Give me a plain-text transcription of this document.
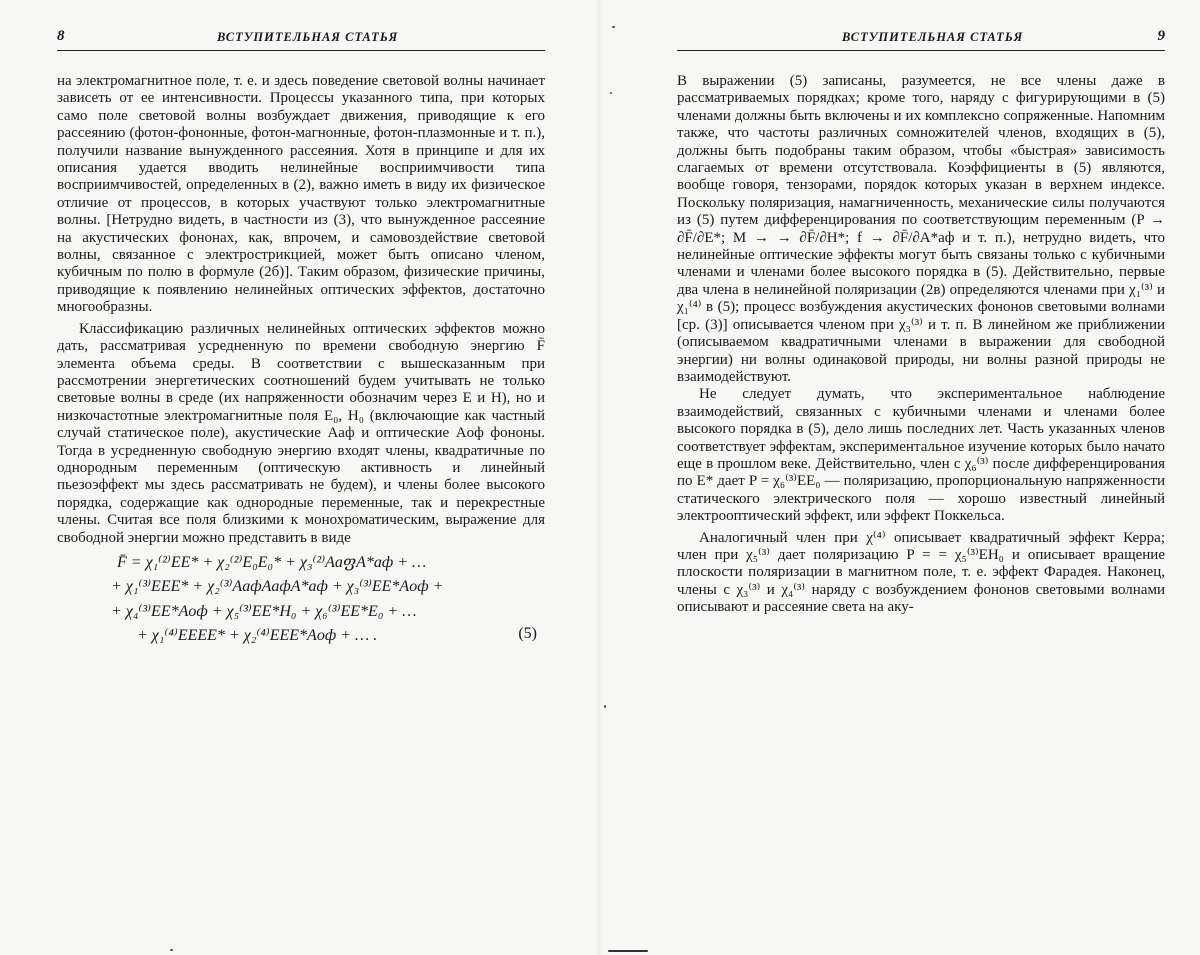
8	ВСТУПИТЕЛЬНАЯ СТАТЬЯ

на электромагнитное поле, т. е. и здесь поведение световой волны начинает зависеть от ее интенсивности. Процессы указанного типа, при которых само поле световой волны возбуждает движения, приводящие к его рассеянию (фотон-фононные, фотон-магнонные, фотон-плазмонные и т. п.), получили название вынужденного рассеяния. Хотя в принципе и для их описания удается вводить нелинейные восприимчивости типа восприимчивостей, определенных в (2), важно иметь в виду их физическое отличие от процессов, в которых участвуют только электромагнитные волны. [Нетрудно видеть, в частности из (3), что вынужденное рассеяние на акустических фононах, как, впрочем, и самовоздействие световой волны, связанное с электрострикцией, может быть описано членом, кубичным по полю в формуле (2б)]. Таким образом, физические причины, приводящие к появлению нелинейных оптических эффектов, достаточно многообразны.

Классификацию различных нелинейных оптических эффектов можно дать, рассматривая усредненную по времени свободную энергию F̄ элемента объема среды. В соответствии с вышесказанным при рассмотрении энергетических соотношений будем учитывать не только световые волны в среде (их напряженности обозначим через E и H), но и низкочастотные электромагнитные поля E₀, H₀ (включающие как частный случай статическое поле), акустические Aаф и оптические Aоф фононы. Тогда в усредненную свободную энергию входят члены, квадратичные по однородным переменным (оптическую активность и линейный пьезоэффект мы здесь рассматривать не будем), и члены более высокого порядка, содержащие как однородные переменные, так и перекрестные члены. Считая все поля близкими к монохроматическим, выражение для свободной энергии можно представить в виде

F̄ = χ₁⁽²⁾EE* + χ₂⁽²⁾E₀E₀* + χ₃⁽²⁾AаფA*аф + …
+ χ₁⁽³⁾EEE* + χ₂⁽³⁾AафAафA*аф + χ₃⁽³⁾EE*Aоф +
+ χ₄⁽³⁾EE*Aоф + χ₅⁽³⁾EE*H₀ + χ₆⁽³⁾EE*E₀ + …
+ χ₁⁽⁴⁾EEEE* + χ₂⁽⁴⁾EEE*Aоф + … .	(5)
ВСТУПИТЕЛЬНАЯ СТАТЬЯ	9

В выражении (5) записаны, разумеется, не все члены даже в рассматриваемых порядках; кроме того, наряду с фигурирующими в (5) членами должны быть включены и их комплексно сопряженные. Напомним также, что частоты различных сомножителей членов, входящих в (5), должны быть подобраны таким образом, чтобы «быстрая» зависимость слагаемых от времени отсутствовала. Коэффициенты в (5) являются, вообще говоря, тензорами, порядок которых указан в верхнем индексе. Поскольку поляризация, намагниченность, механические силы получаются из (5) путем дифференцирования по соответствующим переменным (P → ∂F̄/∂E*; M → → ∂F̄/∂H*; f → ∂F̄/∂A*аф и т. п.), нетрудно видеть, что нелинейные оптические эффекты могут быть связаны только с кубичными членами и членами более высокого порядка в (5). Действительно, первые два члена в нелинейной поляризации (2в) определяются членами при χ₁⁽³⁾ и χ₁⁽⁴⁾ в (5); процесс возбуждения акустических фононов световыми волнами [ср. (3)] описывается членом при χ₃⁽³⁾ и т. п. В линейном же приближении (описываемом квадратичными членами в выражении для свободной энергии) ни волны одинаковой природы, ни волны разной природы не взаимодействуют.

Не следует думать, что экспериментальное наблюдение взаимодействий, связанных с кубичными членами и членами более высокого порядка в (5), дело лишь последних лет. Часть указанных членов соответствует эффектам, экспериментальное изучение которых было начато еще в прошлом веке. Действительно, член с χ₆⁽³⁾ после дифференцирования по E* дает P = χ₆⁽³⁾EE₀ — поляризацию, пропорциональную напряженности статического электрического поля — хорошо известный линейный электрооптический эффект, или эффект Поккельса.

Аналогичный член при χ⁽⁴⁾ описывает квадратичный эффект Керра; член при χ₅⁽³⁾ дает поляризацию P = = χ₅⁽³⁾EH₀ и описывает вращение плоскости поляризации в магнитном поле, т. е. эффект Фарадея. Наконец, члены с χ₃⁽³⁾ и χ₄⁽³⁾ наряду с возбуждением фононов световыми волнами описывают и рассеяние света на аку-
